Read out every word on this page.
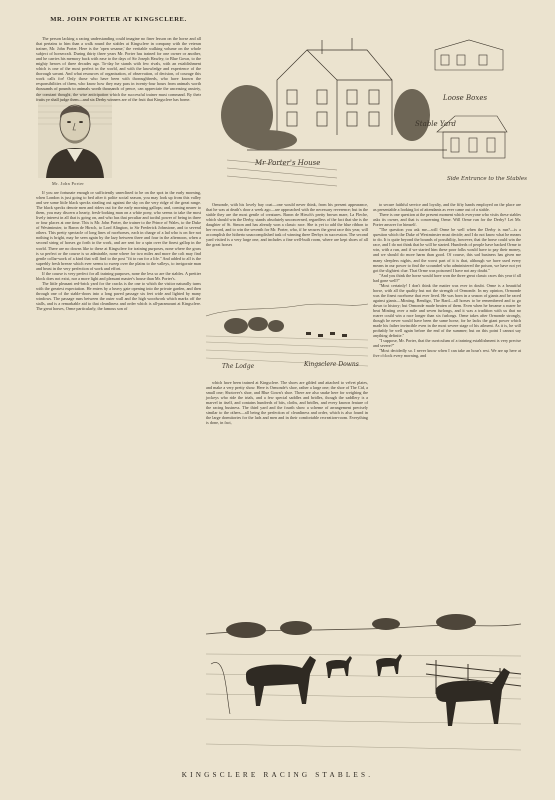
MR. JOHN PORTER AT KINGSCLERE.
Mr. John Porter

The person lacking a racing understanding could imagine no finer lesson on the horse and all that pertains to him than a walk round the stables at Kingsclere in company with the veteran trainer, Mr. John Porter. Here is the 'open sesame,' the veritable walking volume on the whole subject of horsecraft. During thirty three years Mr. Porter has trained for one owner or another, and he carries his memory back with ease to the days of Sir Joseph Hawley, to Blue Gown, to the mighty heroes of three decades ago. To-day he stands with few rivals, with an establishment which is one of the most perfect in the world, and with the knowledge and experience of the thorough savant. And what resources of organisation, of observation, of decision, of courage this work calls for! Only those who have been with thoroughbreds, who have known the responsibilities of them, who know how they may pass in twenty-four hours from animals worth thousands of pounds to animals worth thousands of pence, can appreciate the unceasing anxiety, the constant thought, the wise anticipation which the successful trainer must command. By their fruits ye shall judge them—and six Derby winners are of the fruit that Kingsclere has borne.

If you are fortunate enough or sufficiently unreclined to be on the spot in the early morning, when London is just going to bed after it polite social season, you may look up from this valley and see some little black specks stealing out against the sky on the very ridge of the great range. The black specks denote men and riders out for the early morning gallops; and, coming nearer to them, you may discern a hearty, fresh-looking man on a white pony, who seems to take the most lively interest in all that is going on, and who has that peculiar and tactful power of being in three or four places at one time. This is Mr. John Porter, the trainer to the Prince of Wales, to the Duke of Westminster, to Baron de Hirsch, to Lord Alington, to Sir Frederick Johnstone, and to several others. This pretty spectacle of long lines of racehorses, each in charge of a lad who is on fire not nothing is bright, may be seen again by the lazy between three and four in the afternoon, when a second string of horses go forth to the work, and are sent for a spin over the finest gallop in the world. There are no downs like to these at Kingsclere for training purposes, none where the grass is so perfect or the course is so admirable, none where for two miles and more the colt may find gentle collar-work of a kind that will find to the post "fit to run for a life." And added to all is the superbly fresh breeze which ever seems to sweep over the plains to the valleys, to invigorate man and beast in the very perfection of work and effort.

If the course is very perfect for all training purposes, none the less so are the stables. A prettier block does not exist, nor a more light and pleasant master's house than Mr. Porter's.

The little pleasant red-brick yard for the cracks is the one to which the visitor naturally turns with the greatest expectation. He enters by a heavy gate opening into the private garden, and then through one of the stable-doors into a long paved passage six feet wide and lighted by many windows. The passage runs between the outer wall and the high woodwork which marks off the stalls, and is a remarkable aid to that cleanliness and order which is all-paramount at Kingsclere. The great horses, Orme particularly, the famous son of

Mr Porter's House
Loose Boxes
Stable Yard
Side Entrance to the Stables

Ormonde, with his lovely bay coat—one would never think, from his present appearance, that he was at death's door a week ago—are approached with the necessary reverence; but in the stable they are the most gentle of creatures. Baron de Hirsch's pretty brown mare, La Fleche, which should win the Derby, stands absolutely unconcerned, regardless of the fact that she is the daughter of St. Simon and has already won a classic race. She is yet to add the blue ribbon to her record, and to win the seventh for Mr. Porter, who, if he secures the great race this year, will accomplish the hitherto unaccomplished task of winning three Derbys in succession. The second yard visited is a very large one, and includes a fine well-built room, where are kept shoes of all the great horses

to secure faithful service and loyalty, and the fifty hands employed on the place are as presentable a looking lot of attendants as ever came out of a stable.

There is one question at the present moment which everyone who visits these stables asks its owner, and that is concerning Orme. Will Orme run for the Derby? Let Mr. Porter answer for himself.

"The question you ask me—will Orme be well when the Derby is run?—is a question which the Duke of Westminster must decide; and I do not know what he means to do. It is quite beyond the bounds of possibility, however, that the horse could win the race, and I do not think that he will be started. Hundreds of people have backed Orme to win, with a run, and if we started him these poor folks would have to pay their money, and we should do more harm than good. Of course, this sad business has given me many sleepless nights, and the worst part of it is that, although we have used every means in our power to find the scoundrel who administered the poison, we have not yet got the slightest clue. That Orme was poisoned I have not any doubt."

"And you think the horse would have won the three great classic races this year if all had gone well?"

"Most certainly! I don't think the matter was ever in doubt. Orme is a beautiful horse, with all the quality but not the strength of Ormonde. In my opinion, Ormonde was the finest racehorse that ever lived. He was born in a season of giants and he raced against giants—Minting, Bendigo, The Bard—all horses to be remembered and to go down to history; but Ormonde made beaten of them. Even when he became a roarer he beat Minting over a mile and seven furlongs, and it was a tradition with us that no roarer could win a race longer than six furlongs. Orme takes after Ormonde strongly, though he never would have been the same horse, for he lacks the giant power which made his father invincible even in the most severe stage of his ailment. As it is, he will probably be well again before the end of the summer; but on this point I cannot say anything definite."

"I suppose, Mr. Porter, that the curriculum of a training establishment is very precise and severe?"

"Most decidedly so. I never know when I can take an hour's rest. We are up here at five o'clock every morning, and

Kingsclere Downs
The Lodge

which have been trained at Kingsclere. The shoes are gilded and attached to velvet plates, and make a very pretty show. Here is Ormonde's shoe, rather a large one; the shoe of The Cid, a small one; Shotover's shoe, and Blue Gown's shoe. There are also snake here for weighing the jockeys who ride the trials, and a few special saddles and bridles, though the saddlery is a marvel in itself, and contains hundreds of bits, cloths, and bridles, and every known feature of the racing business. The third yard and the fourth show a scheme of arrangement precisely similar to the others—all being the perfection of cleanliness and order, which is also found in the large dormitories for the lads and men and in their comfortable recreation-room. Everything is done, in fact,

KINGSCLERE RACING STABLES.
